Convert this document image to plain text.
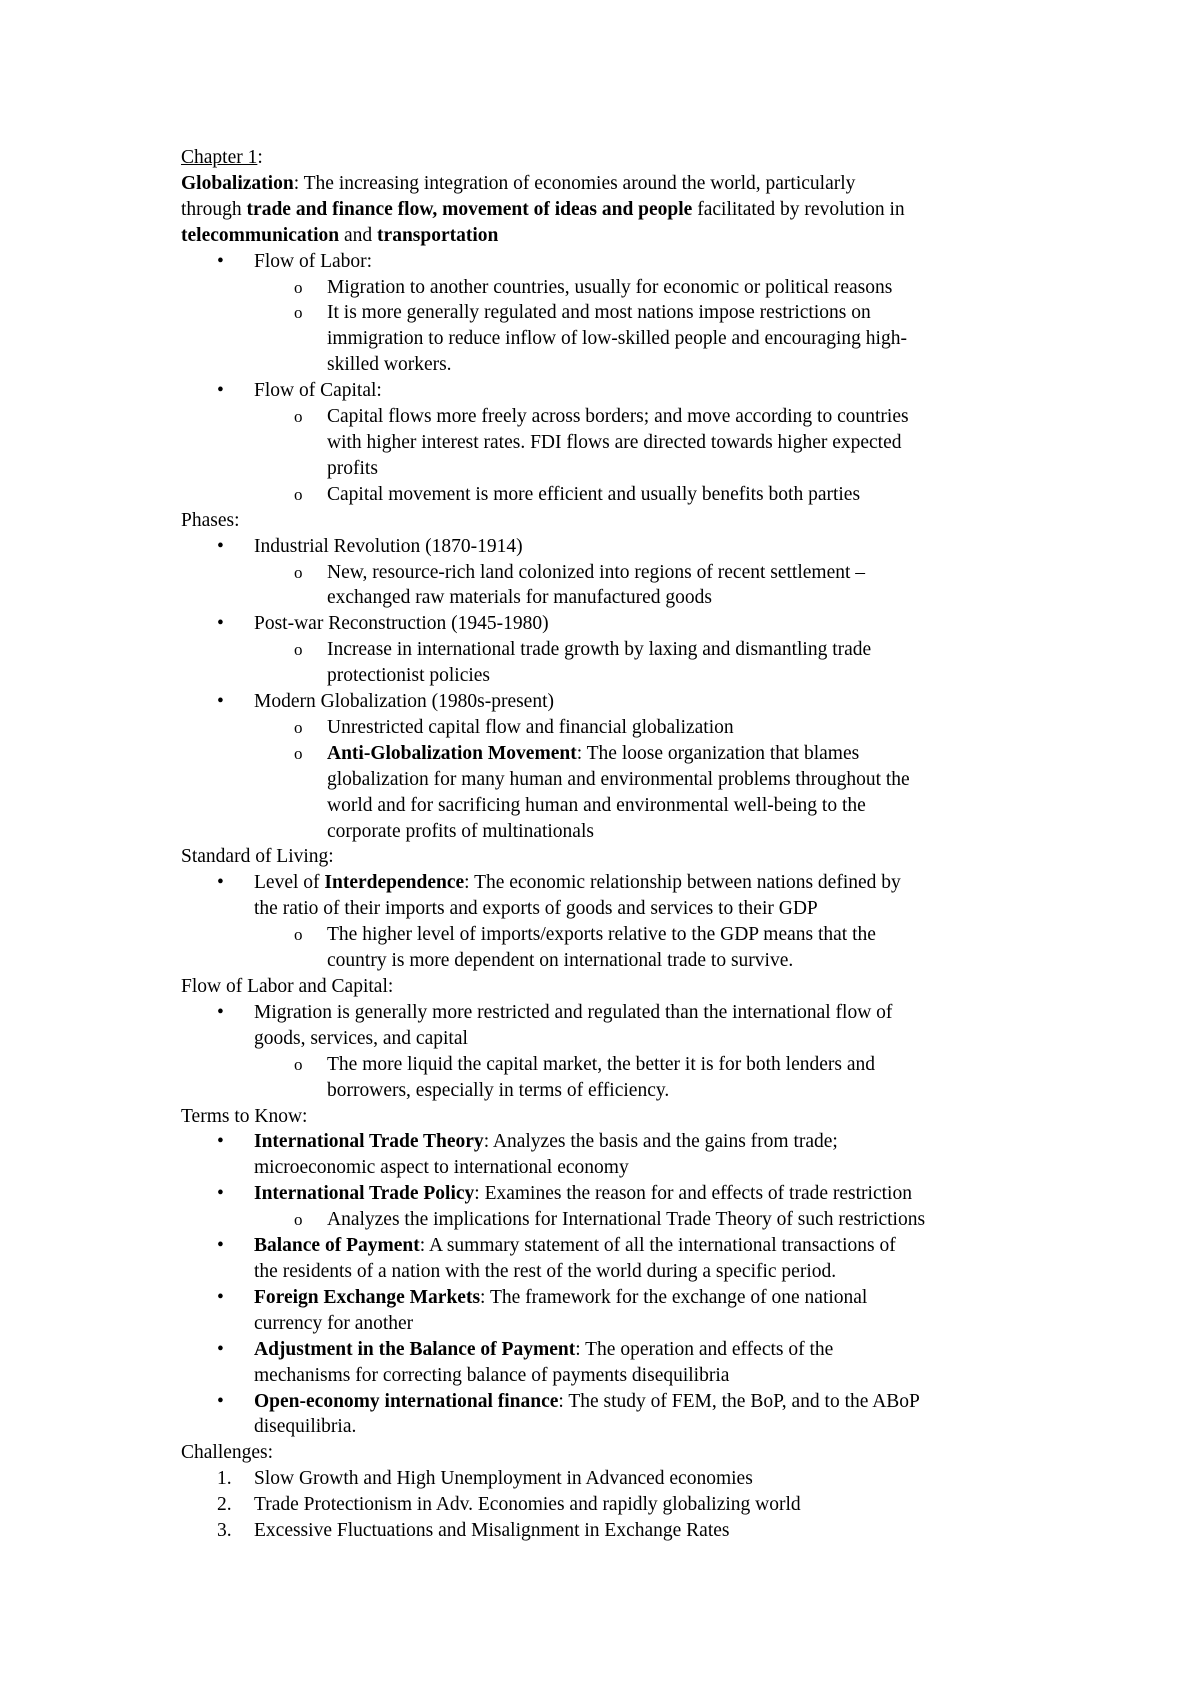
Chapter 1:
Globalization: The increasing integration of economies around the world, particularly
through trade and finance flow, movement of ideas and people facilitated by revolution in
telecommunication and transportation
• Flow of Labor:
o Migration to another countries, usually for economic or political reasons
o It is more generally regulated and most nations impose restrictions on
immigration to reduce inflow of low-skilled people and encouraging high-
skilled workers.
• Flow of Capital:
o Capital flows more freely across borders; and move according to countries
with higher interest rates. FDI flows are directed towards higher expected
profits
o Capital movement is more efficient and usually benefits both parties
Phases:
• Industrial Revolution (1870-1914)
o New, resource-rich land colonized into regions of recent settlement –
exchanged raw materials for manufactured goods
• Post-war Reconstruction (1945-1980)
o Increase in international trade growth by laxing and dismantling trade
protectionist policies
• Modern Globalization (1980s-present)
o Unrestricted capital flow and financial globalization
o Anti-Globalization Movement: The loose organization that blames
globalization for many human and environmental problems throughout the
world and for sacrificing human and environmental well-being to the
corporate profits of multinationals
Standard of Living:
• Level of Interdependence: The economic relationship between nations defined by
the ratio of their imports and exports of goods and services to their GDP
o The higher level of imports/exports relative to the GDP means that the
country is more dependent on international trade to survive.
Flow of Labor and Capital:
• Migration is generally more restricted and regulated than the international flow of
goods, services, and capital
o The more liquid the capital market, the better it is for both lenders and
borrowers, especially in terms of efficiency.
Terms to Know:
• International Trade Theory: Analyzes the basis and the gains from trade;
microeconomic aspect to international economy
• International Trade Policy: Examines the reason for and effects of trade restriction
o Analyzes the implications for International Trade Theory of such restrictions
• Balance of Payment: A summary statement of all the international transactions of
the residents of a nation with the rest of the world during a specific period.
• Foreign Exchange Markets: The framework for the exchange of one national
currency for another
• Adjustment in the Balance of Payment: The operation and effects of the
mechanisms for correcting balance of payments disequilibria
• Open-economy international finance: The study of FEM, the BoP, and to the ABoP
disequilibria.
Challenges:
1. Slow Growth and High Unemployment in Advanced economies
2. Trade Protectionism in Adv. Economies and rapidly globalizing world
3. Excessive Fluctuations and Misalignment in Exchange Rates
